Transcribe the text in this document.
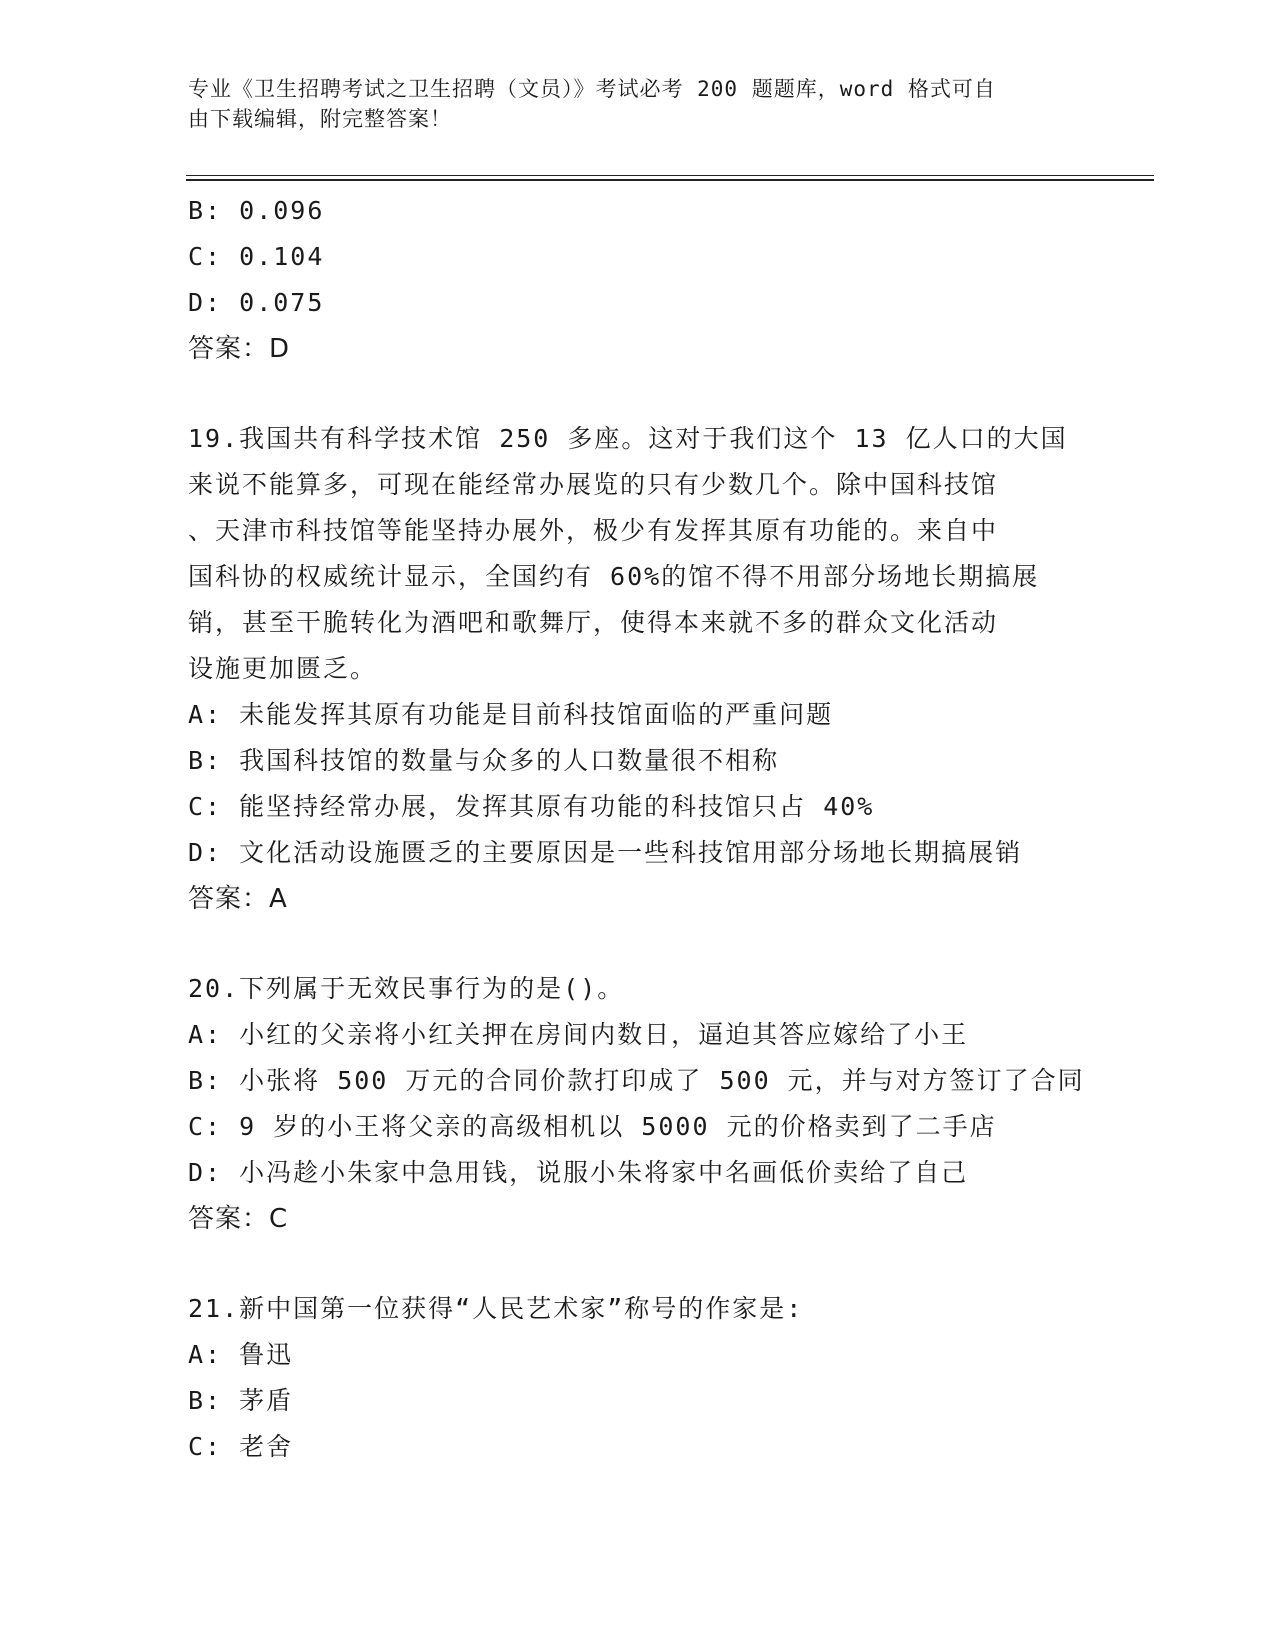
专业《卫生招聘考试之卫生招聘（文员）》考试必考 200 题题库，word 格式可自
由下载编辑，附完整答案！
B: 0.096
C: 0.104
D: 0.075
答案：D
19.我国共有科学技术馆 250 多座。这对于我们这个 13 亿人口的大国
来说不能算多，可现在能经常办展览的只有少数几个。除中国科技馆
、天津市科技馆等能坚持办展外，极少有发挥其原有功能的。来自中
国科协的权威统计显示，全国约有 60%的馆不得不用部分场地长期搞展
销，甚至干脆转化为酒吧和歌舞厅，使得本来就不多的群众文化活动
设施更加匮乏。
A: 未能发挥其原有功能是目前科技馆面临的严重问题
B: 我国科技馆的数量与众多的人口数量很不相称
C: 能坚持经常办展，发挥其原有功能的科技馆只占 40%
D: 文化活动设施匮乏的主要原因是一些科技馆用部分场地长期搞展销
答案：A
20.下列属于无效民事行为的是()。
A: 小红的父亲将小红关押在房间内数日，逼迫其答应嫁给了小王
B: 小张将 500 万元的合同价款打印成了 500 元，并与对方签订了合同
C: 9 岁的小王将父亲的高级相机以 5000 元的价格卖到了二手店
D: 小冯趁小朱家中急用钱，说服小朱将家中名画低价卖给了自己
答案：C
21.新中国第一位获得“人民艺术家”称号的作家是:
A: 鲁迅
B: 茅盾
C: 老舍
